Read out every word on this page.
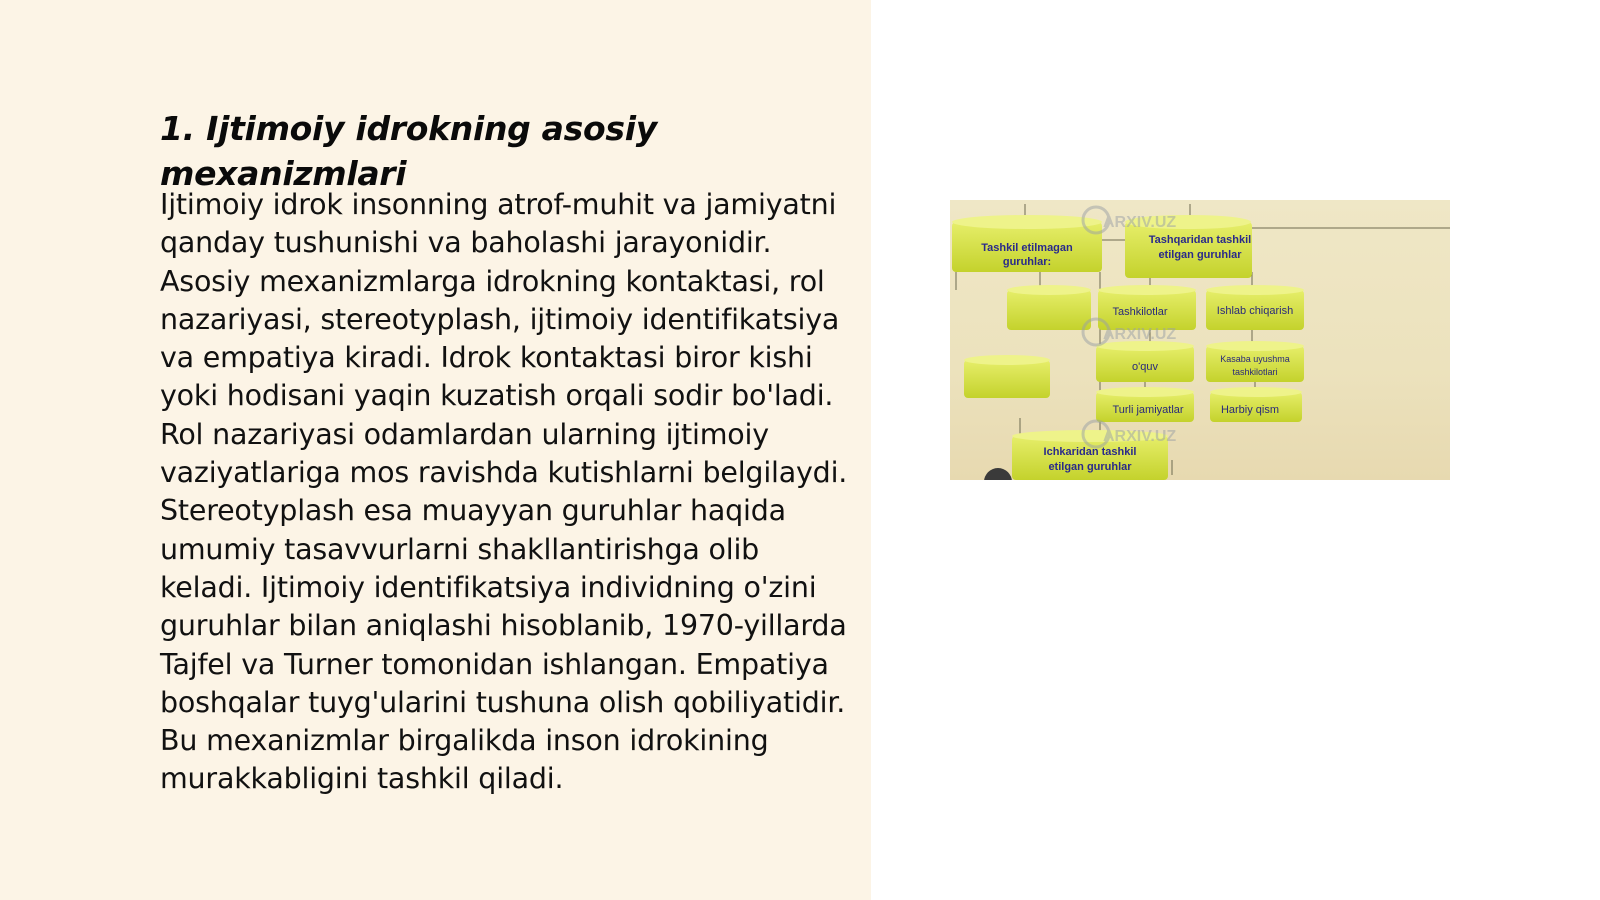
1. Ijtimoiy idrokning asosiy mexanizmlari

Ijtimoiy idrok insonning atrof-muhit va jamiyatni qanday tushunishi va baholashi jarayonidir. Asosiy mexanizmlarga idrokning kontaktasi, rol nazariyasi, stereotyplash, ijtimoiy identifikatsiya va empatiya kiradi. Idrok kontaktasi biror kishi yoki hodisani yaqin kuzatish orqali sodir bo'ladi. Rol nazariyasi odamlardan ularning ijtimoiy vaziyatlariga mos ravishda kutishlarni belgilaydi. Stereotyplash esa muayyan guruhlar haqida umumiy tasavvurlarni shakllantirishga olib keladi. Ijtimoiy identifikatsiya individning o'zini guruhlar bilan aniqlashi hisoblanib, 1970-yillarda Tajfel va Turner tomonidan ishlangan. Empatiya boshqalar tuyg'ularini tushuna olish qobiliyatidir. Bu mexanizmlar birgalikda inson idrokining murakkabligini tashkil qiladi.

Tashkil etilmagan
guruhlar:
Tashqaridan tashkil
etilgan guruhlar
Tashkilotlar	Ishlab chiqarish
o'quv
Kasaba uyushma
tashkilotlari
Turli jamiyatlar	Harbiy qism
Ichkaridan tashkil
etilgan guruhlar
ARXIV.UZ
ARXIV.UZ
ARXIV.UZ
